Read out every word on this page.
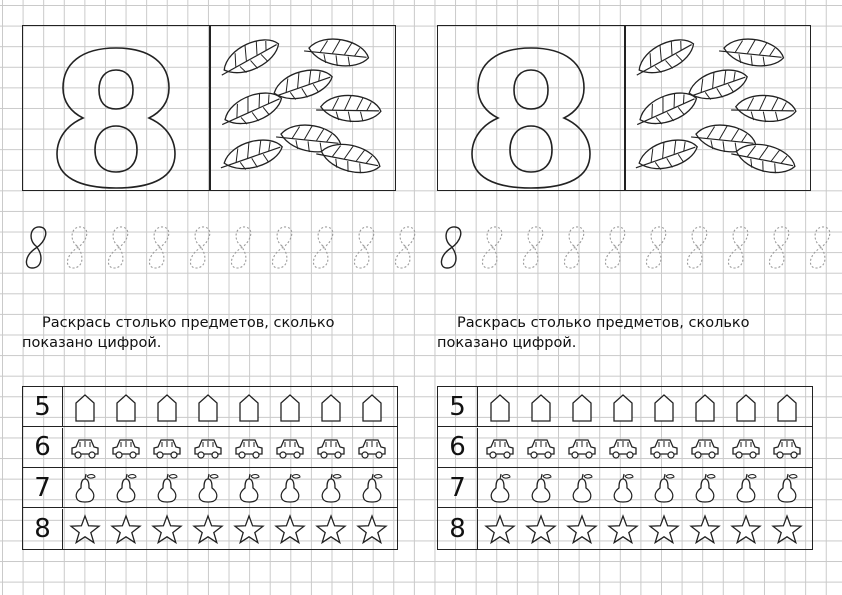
Раскрась столько предметов, сколько
показано цифрой.
5
6
7
8
Раскрась столько предметов, сколько
показано цифрой.
5
6
7
8
